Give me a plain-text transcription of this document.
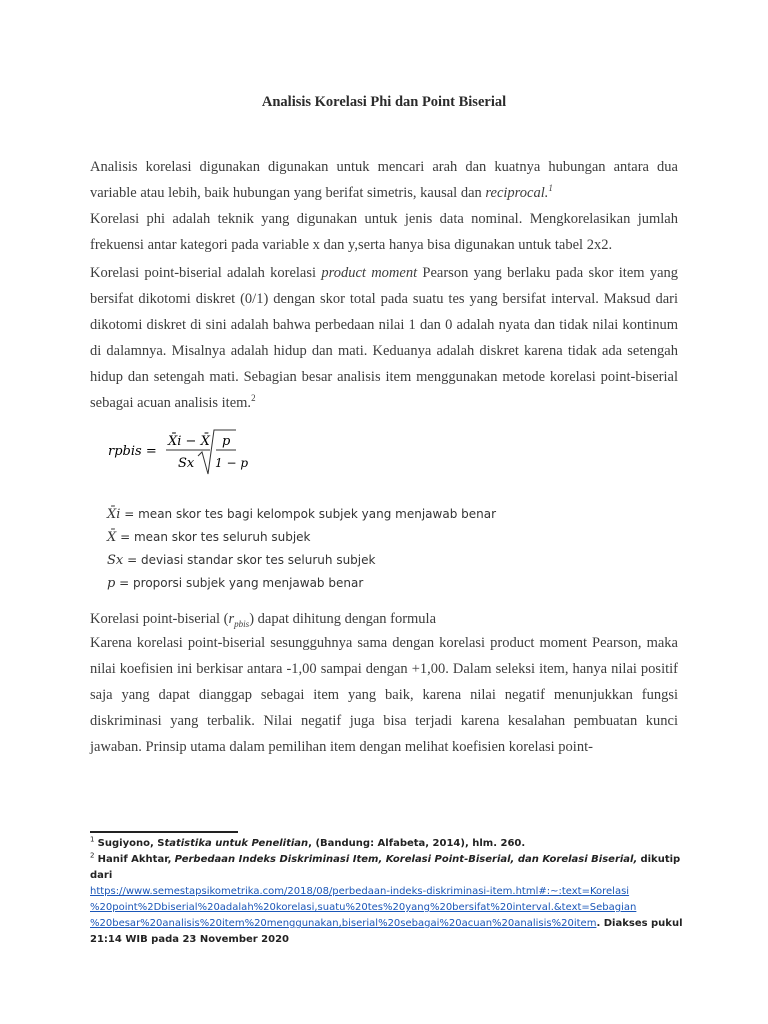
Analisis Korelasi Phi dan Point Biserial

Analisis korelasi digunakan digunakan untuk mencari arah dan kuatnya hubungan antara dua variable atau lebih, baik hubungan yang berifat simetris, kausal dan reciprocal.$^1$

Korelasi phi adalah teknik yang digunakan untuk jenis data nominal. Mengkorelasikan jumlah frekuensi antar kategori pada variable x dan y,serta hanya bisa digunakan untuk tabel 2x2.

Korelasi point-biserial adalah korelasi product moment Pearson yang berlaku pada skor item yang bersifat dikotomi diskret (0/1) dengan skor total pada suatu tes yang bersifat interval. Maksud dari dikotomi diskret di sini adalah bahwa perbedaan nilai 1 dan 0 adalah nyata dan tidak nilai kontinum di dalamnya. Misalnya adalah hidup dan mati. Keduanya adalah diskret karena tidak ada setengah hidup dan setengah mati. Sebagian besar analisis item menggunakan metode korelasi point-biserial sebagai acuan analisis item.$^2$

rpbis =
X̄i − X̄
Sx
p
1 − p
X̄i = mean skor tes bagi kelompok subjek yang menjawab benar
X̄ = mean skor tes seluruh subjek
Sx = deviasi standar skor tes seluruh subjek
p = proporsi subjek yang menjawab benar

Korelasi point-biserial $(r_{pbis})$ dapat dihitung dengan formula

Karena korelasi point-biserial sesungguhnya sama dengan korelasi product moment Pearson, maka nilai koefisien ini berkisar antara -1,00 sampai dengan +1,00. Dalam seleksi item, hanya nilai positif saja yang dapat dianggap sebagai item yang baik, karena nilai negatif menunjukkan fungsi diskriminasi yang terbalik. Nilai negatif juga bisa terjadi karena kesalahan pembuatan kunci jawaban. Prinsip utama dalam pemilihan item dengan melihat koefisien korelasi point-

$^1$ Sugiyono, Statistika untuk Penelitian, (Bandung: Alfabeta, 2014), hlm. 260.

$^2$ Hanif Akhtar, Perbedaan Indeks Diskriminasi Item, Korelasi Point-Biserial, dan Korelasi Biserial, dikutip dari

https://www.semestapsikometrika.com/2018/08/perbedaan-indeks-diskriminasi-item.html#:~:text=Korelasi

%20point%2Dbiserial%20adalah%20korelasi,suatu%20tes%20yang%20bersifat%20interval.&text=Sebagian

%20besar%20analisis%20item%20menggunakan,biserial%20sebagai%20acuan%20analisis%20item. Diakses pukul

21:14 WIB pada 23 November 2020
